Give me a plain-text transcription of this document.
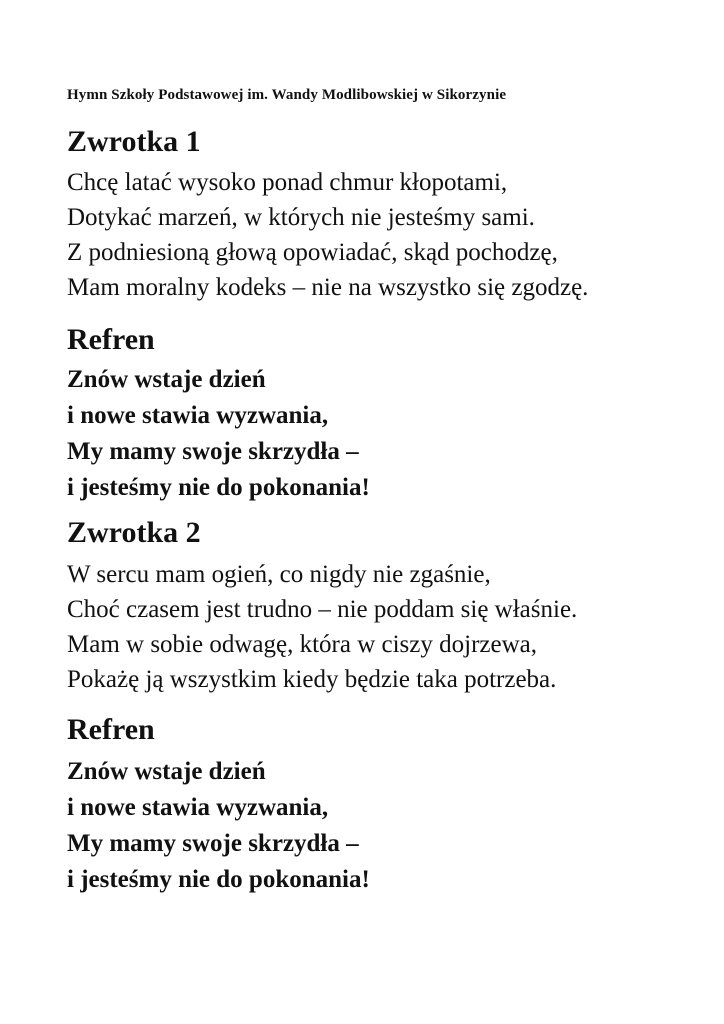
Hymn Szkoły Podstawowej im. Wandy Modlibowskiej w Sikorzynie

Zwrotka 1
Chcę latać wysoko ponad chmur kłopotami,
Dotykać marzeń, w których nie jesteśmy sami.
Z podniesioną głową opowiadać, skąd pochodzę,
Mam moralny kodeks – nie na wszystko się zgodzę.
Refren
Znów wstaje dzień
i nowe stawia wyzwania,
My mamy swoje skrzydła –
i jesteśmy nie do pokonania!
Zwrotka 2
W sercu mam ogień, co nigdy nie zgaśnie,
Choć czasem jest trudno – nie poddam się właśnie.
Mam w sobie odwagę, która w ciszy dojrzewa,
Pokażę ją wszystkim kiedy będzie taka potrzeba.
Refren
Znów wstaje dzień
i nowe stawia wyzwania,
My mamy swoje skrzydła –
i jesteśmy nie do pokonania!
